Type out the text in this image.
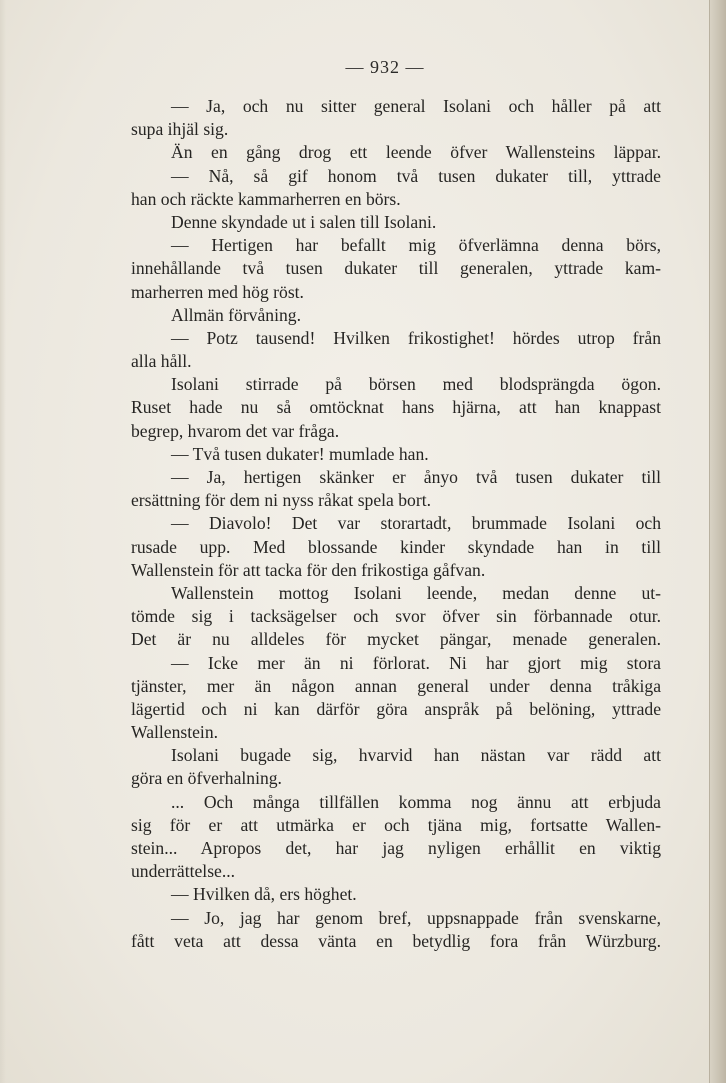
— 932 —
— Ja, och nu sitter general Isolani och håller på att
supa ihjäl sig.
Än en gång drog ett leende öfver Wallensteins läppar.
— Nå, så gif honom två tusen dukater till, yttrade
han och räckte kammarherren en börs.
Denne skyndade ut i salen till Isolani.
— Hertigen har befallt mig öfverlämna denna börs,
innehållande två tusen dukater till generalen, yttrade kam-
marherren med hög röst.
Allmän förvåning.
— Potz tausend! Hvilken frikostighet! hördes utrop från
alla håll.
Isolani stirrade på börsen med blodsprängda ögon.
Ruset hade nu så omtöcknat hans hjärna, att han knappast
begrep, hvarom det var fråga.
— Två tusen dukater! mumlade han.
— Ja, hertigen skänker er ånyo två tusen dukater till
ersättning för dem ni nyss råkat spela bort.
— Diavolo! Det var storartadt, brummade Isolani och
rusade upp. Med blossande kinder skyndade han in till
Wallenstein för att tacka för den frikostiga gåfvan.
Wallenstein mottog Isolani leende, medan denne ut-
tömde sig i tacksägelser och svor öfver sin förbannade otur.
Det är nu alldeles för mycket pängar, menade generalen.
— Icke mer än ni förlorat. Ni har gjort mig stora
tjänster, mer än någon annan general under denna tråkiga
lägertid och ni kan därför göra anspråk på belöning, yttrade
Wallenstein.
Isolani bugade sig, hvarvid han nästan var rädd att
göra en öfverhalning.
... Och många tillfällen komma nog ännu att erbjuda
sig för er att utmärka er och tjäna mig, fortsatte Wallen-
stein... Apropos det, har jag nyligen erhållit en viktig
underrättelse...
— Hvilken då, ers höghet.
— Jo, jag har genom bref, uppsnappade från svenskarne,
fått veta att dessa vänta en betydlig fora från Würzburg.
